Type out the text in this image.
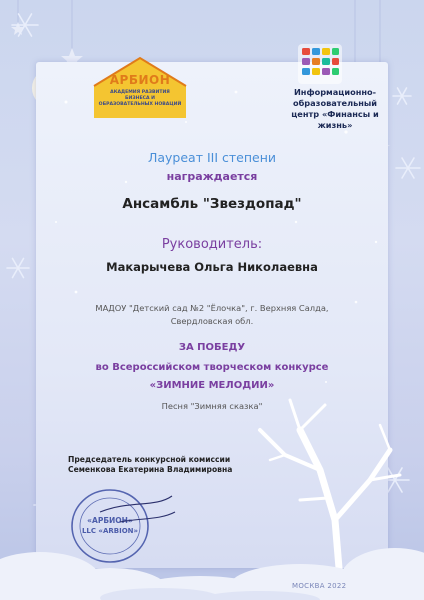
АРБИОН
АКАДЕМИЯ РАЗВИТИЯ БИЗНЕСА И ОБРАЗОВАТЕЛЬНЫХ НОВАЦИЙ
Информационно-образовательный центр «Финансы и жизнь»
Лауреат III степени
награждается
Ансамбль "Звездопад"
Руководитель:
Макарычева Ольга Николаевна
МАДОУ "Детский сад №2 "Ёлочка", г. Верхняя Салда, Свердловская обл.
ЗА ПОБЕДУ
во Всероссийском творческом конкурсе
«ЗИМНИЕ МЕЛОДИИ»
Песня "Зимняя сказка"
Председатель конкурсной комиссии
Семенкова Екатерина Владимировна
«АРБИОН»
LLC «ARBION»
МОСКВА 2022
